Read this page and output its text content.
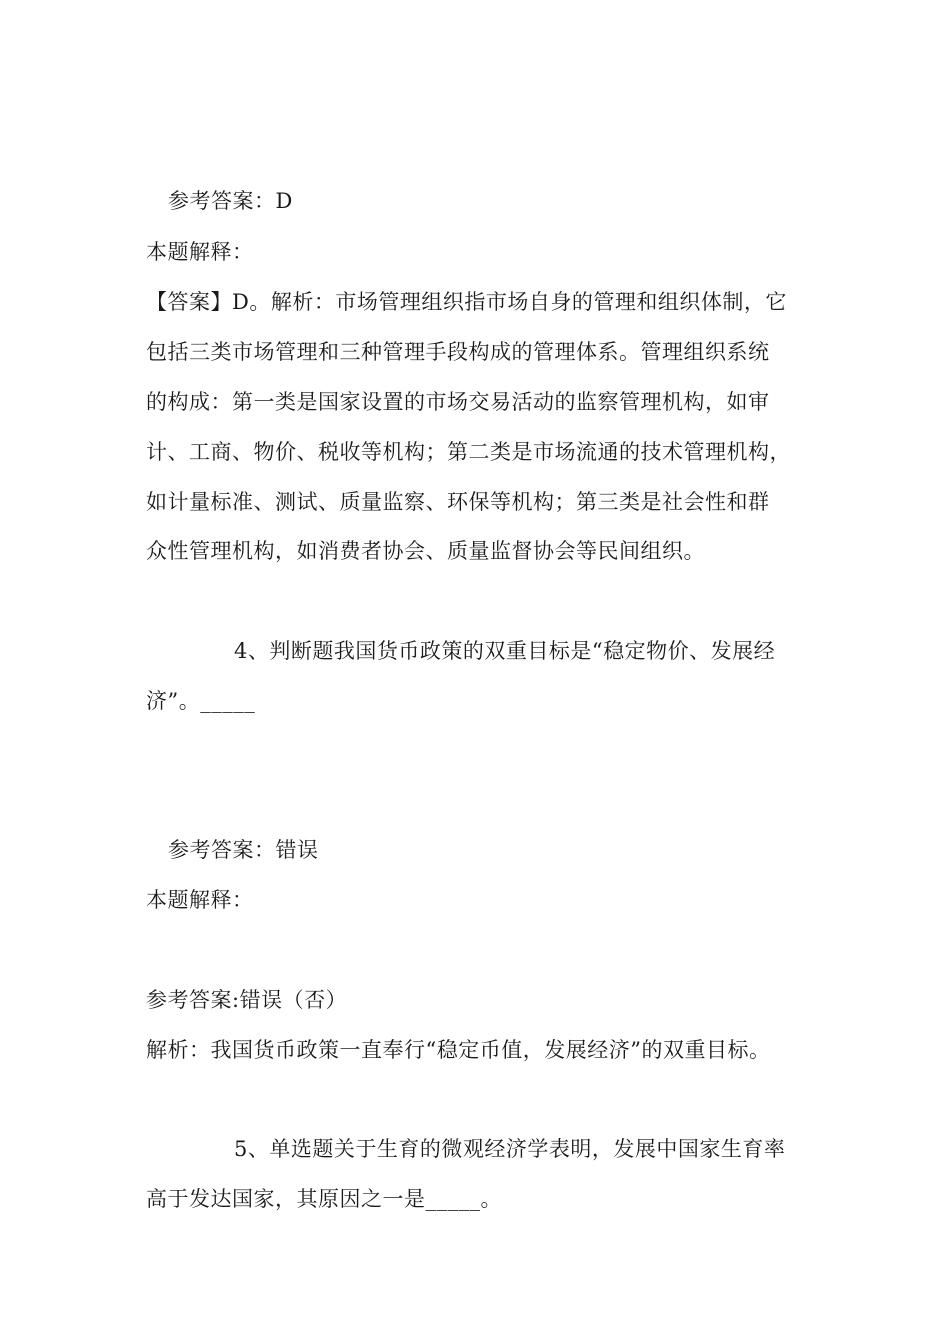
参考答案：D
本题解释：
【答案】D。解析：市场管理组织指市场自身的管理和组织体制，它
包括三类市场管理和三种管理手段构成的管理体系。管理组织系统
的构成：第一类是国家设置的市场交易活动的监察管理机构，如审
计、工商、物价、税收等机构；第二类是市场流通的技术管理机构，
如计量标准、测试、质量监察、环保等机构；第三类是社会性和群
众性管理机构，如消费者协会、质量监督协会等民间组织。
4、判断题我国货币政策的双重目标是“稳定物价、发展经
济”。_____
参考答案：错误
本题解释：
参考答案:错误（否）
解析：我国货币政策一直奉行“稳定币值，发展经济”的双重目标。
5、单选题关于生育的微观经济学表明，发展中国家生育率
高于发达国家，其原因之一是_____。
